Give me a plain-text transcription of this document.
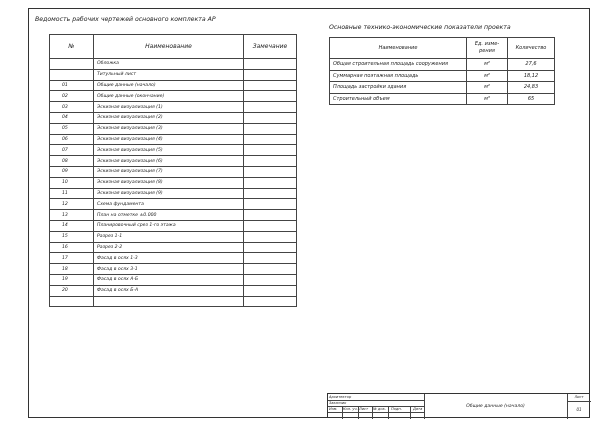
Ведомость рабочих чертежей основного комплекта АР
Основные технико-экономические показатели проекта
№	Наименование	Замечание
	Обложка	
	Титульный лист	
01	Общие данные (начало)	
02	Общие данные (окончание)	
03	Эскизная визуализация (1)	
04	Эскизная визуализация (2)	
05	Эскизная визуализация (3)	
06	Эскизная визуализация (4)	
07	Эскизная визуализация (5)	
08	Эскизная визуализация (6)	
09	Эскизная визуализация (7)	
10	Эскизная визуализация (8)	
11	Эскизная визуализация (9)	
12	Схема фундамента	
13	План на отметке ±0.000	
14	Планировочный срез 1-го этажа	
15	Разрез 1-1	
16	Разрез 2-2	
17	Фасад в осях 1-3	
18	Фасад в осях 3-1	
19	Фасад в осях А-Б	
20	Фасад в осях Б-А	

Наименование	Ед. изме-рения	Количество
Общая строительная площадь сооружения	м²	27,6
Суммарная поэтажная площадь	м²	18,12
Площадь застройки здания	м²	24,83
Строительный объем	м³	65
Архитектор
Заказчик
Изм.	Кол. уч. Лист	№ док.	Подп.	Дата	Общие данные (начало)
Лист
01
